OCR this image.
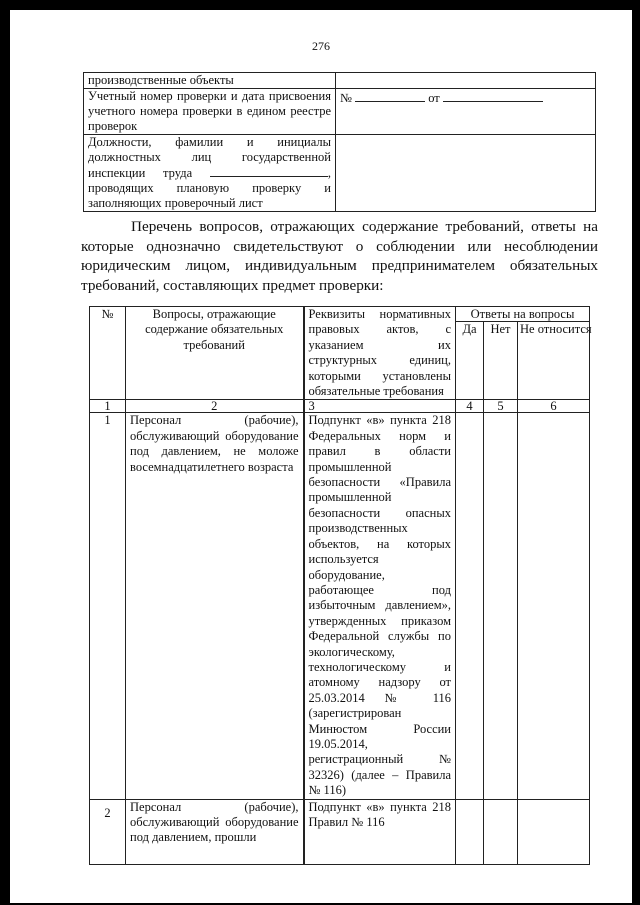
276
производственные объекты	
Учетный номер проверки и дата присвоения учетного номера проверки в едином реестре проверок	№ от
Должности, фамилии и инициалы должностных лиц государственной инспекции труда , проводящих плановую проверку и заполняющих проверочный лист	

Перечень вопросов, отражающих содержание требований, ответы на которые однозначно свидетельствуют о соблюдении или несоблюдении юридическим лицом, индивидуальным предпринимателем обязательных требований, составляющих предмет проверки:

№	Вопросы, отражающие содержание обязательных требований	Реквизиты нормативных правовых актов, с указанием их структурных единиц, которыми установлены обязательные требования	Ответы на вопросы		
			Да	Нет	Не относится
1	2	3	4	5	6
1	Персонал (рабочие), обслуживающий оборудование под давлением, не моложе восемнадцатилетнего возраста	Подпункт «в» пункта 218 Федеральных норм и правил в области промышленной безопасности «Правила промышленной безопасности опасных производственных объектов, на которых используется оборудование, работающее под избыточным давлением», утвержденных приказом Федеральной службы по экологическому, технологическому и атомному надзору от 25.03.2014 № 116 (зарегистрирован Минюстом России 19.05.2014, регистрационный № 32326) (далее – Правила № 116)			
2	Персонал (рабочие), обслуживающий оборудование под давлением, прошли	Подпункт «в» пункта 218 Правил № 116			
